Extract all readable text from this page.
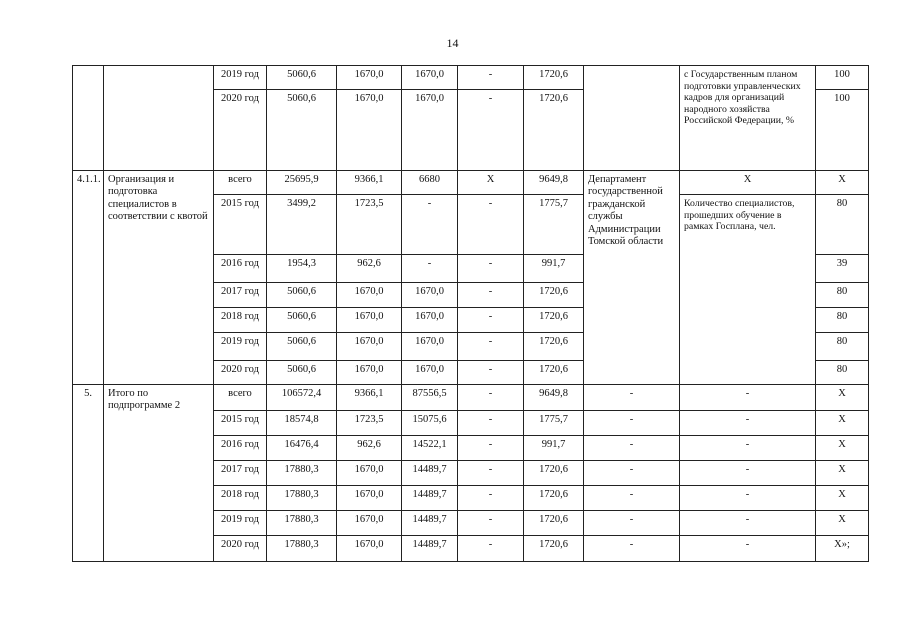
14
		2019 год	5060,6	1670,0	1670,0	-	1720,6		с Государственным планом подготовки управленческих кадров для организаций народного хозяйства Российской Федерации, %	100
		2020 год	5060,6	1670,0	1670,0	-	1720,6			100
4.1.1.	Организация и подготовка специалистов в соответствии с квотой	всего	25695,9	9366,1	6680	Х	9649,8	Департамент государственной гражданской службы Администрации Томской области	Х	Х
		2015 год	3499,2	1723,5	-	-	1775,7		Количество специалистов, прошедших обучение в рамках Госплана, чел.	80
		2016 год	1954,3	962,6	-	-	991,7			39
		2017 год	5060,6	1670,0	1670,0	-	1720,6			80
		2018 год	5060,6	1670,0	1670,0	-	1720,6			80
		2019 год	5060,6	1670,0	1670,0	-	1720,6			80
		2020 год	5060,6	1670,0	1670,0	-	1720,6			80
5.	Итого по подпрограмме 2	всего	106572,4	9366,1	87556,5	-	9649,8	-	-	Х
		2015 год	18574,8	1723,5	15075,6	-	1775,7	-	-	Х
		2016 год	16476,4	962,6	14522,1	-	991,7	-	-	Х
		2017 год	17880,3	1670,0	14489,7	-	1720,6	-	-	Х
		2018 год	17880,3	1670,0	14489,7	-	1720,6	-	-	Х
		2019 год	17880,3	1670,0	14489,7	-	1720,6	-	-	Х
		2020 год	17880,3	1670,0	14489,7	-	1720,6	-	-	Х»;
